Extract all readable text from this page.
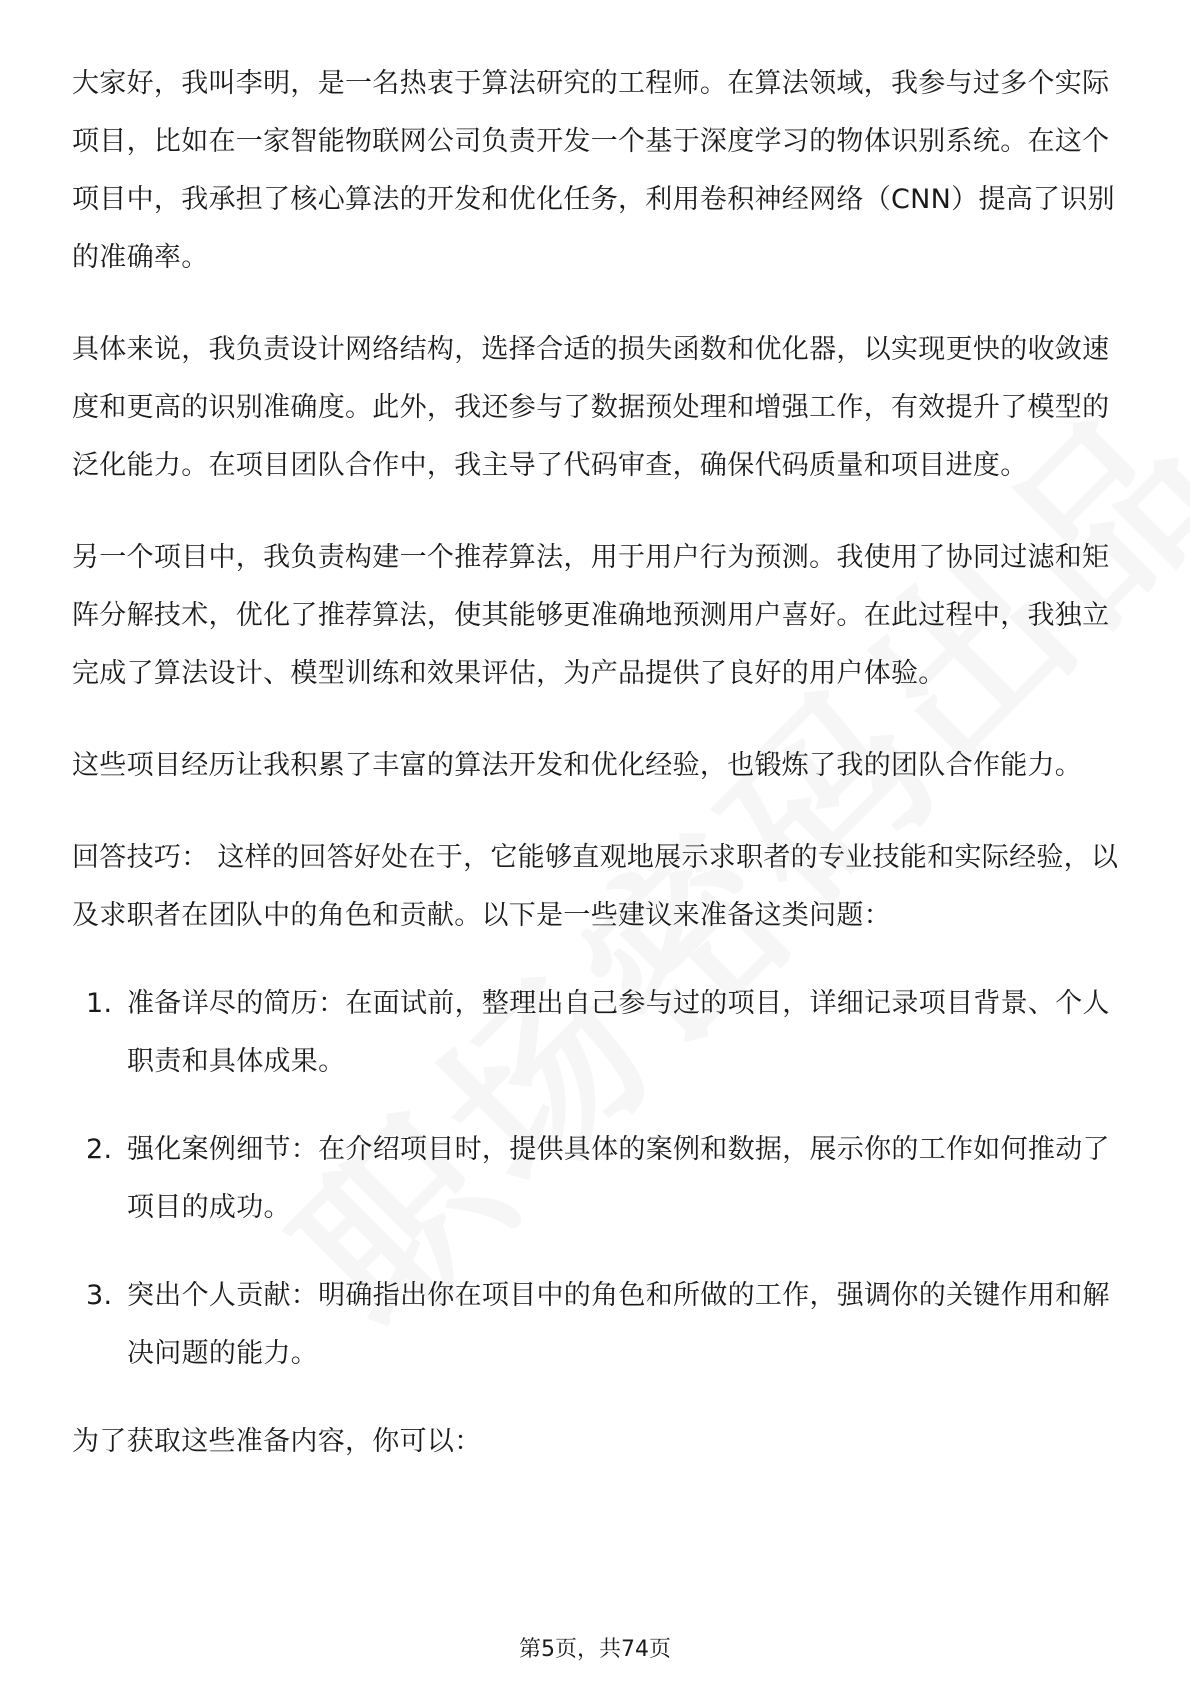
大家好，我叫李明，是一名热衷于算法研究的工程师。在算法领域，我参与过多个实际项目，比如在一家智能物联网公司负责开发一个基于深度学习的物体识别系统。在这个项目中，我承担了核心算法的开发和优化任务，利用卷积神经网络（CNN）提高了识别的准确率。

具体来说，我负责设计网络结构，选择合适的损失函数和优化器，以实现更快的收敛速度和更高的识别准确度。此外，我还参与了数据预处理和增强工作，有效提升了模型的泛化能力。在项目团队合作中，我主导了代码审查，确保代码质量和项目进度。

另一个项目中，我负责构建一个推荐算法，用于用户行为预测。我使用了协同过滤和矩阵分解技术，优化了推荐算法，使其能够更准确地预测用户喜好。在此过程中，我独立完成了算法设计、模型训练和效果评估，为产品提供了良好的用户体验。

这些项目经历让我积累了丰富的算法开发和优化经验，也锻炼了我的团队合作能力。

回答技巧： 这样的回答好处在于，它能够直观地展示求职者的专业技能和实际经验，以及求职者在团队中的角色和贡献。以下是一些建议来准备这类问题：

1. 准备详尽的简历：在面试前，整理出自己参与过的项目，详细记录项目背景、个人职责和具体成果。
2. 强化案例细节：在介绍项目时，提供具体的案例和数据，展示你的工作如何推动了项目的成功。
3. 突出个人贡献：明确指出你在项目中的角色和所做的工作，强调你的关键作用和解决问题的能力。

为了获取这些准备内容，你可以：

第5页，共74页
